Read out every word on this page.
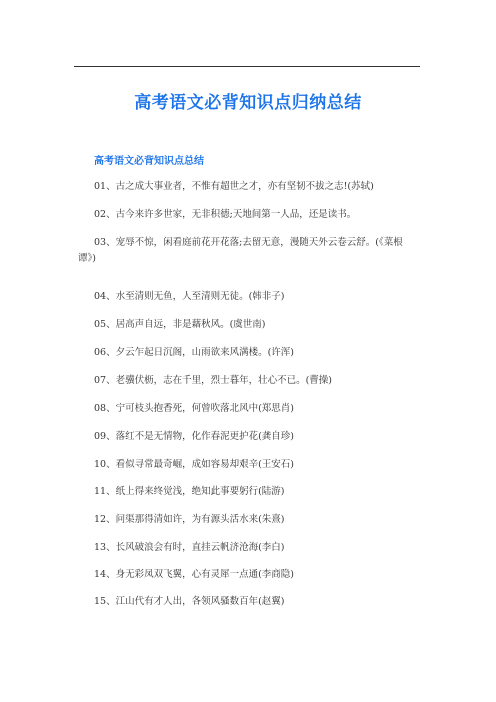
高考语文必背知识点归纳总结
高考语文必背知识点总结
01、古之成大事业者，不惟有超世之才，亦有坚韧不拔之志!(苏轼)
02、古今来许多世家，无非积德;天地间第一人品，还是读书。
03、宠辱不惊，闲看庭前花开花落;去留无意，漫随天外云卷云舒。(《菜根谭》)
04、水至清则无鱼，人至清则无徒。(韩非子)
05、居高声自远，非是藉秋风。(虞世南)
06、夕云乍起日沉阁，山雨欲来风满楼。(许浑)
07、老骥伏枥，志在千里，烈士暮年，壮心不已。(曹操)
08、宁可枝头抱香死，何曾吹落北风中(郑思肖)
09、落红不是无情物，化作春泥更护花(龚自珍)
10、看似寻常最奇崛，成如容易却艰辛(王安石)
11、纸上得来终觉浅，绝知此事要躬行(陆游)
12、问渠那得清如许，为有源头活水来(朱熹)
13、长风破浪会有时，直挂云帆济沧海(李白)
14、身无彩凤双飞翼，心有灵犀一点通(李商隐)
15、江山代有才人出，各领风骚数百年(赵翼)
